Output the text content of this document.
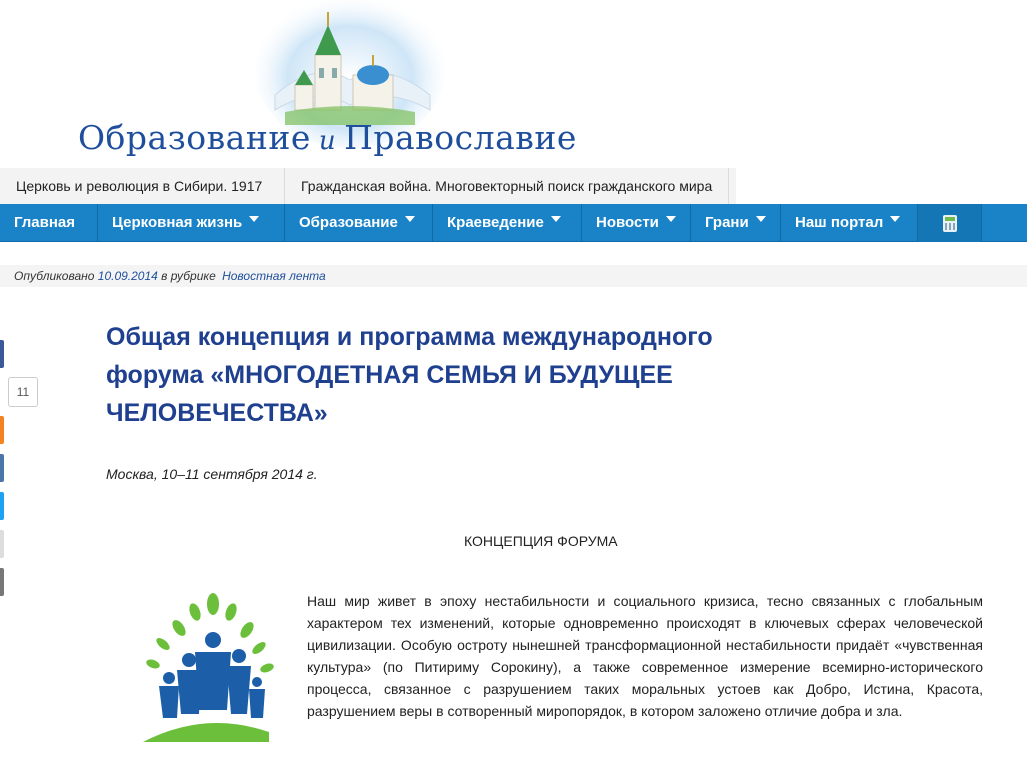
Образование и Православие
Церковь и революция в Сибири. 1917	Гражданская война. Многовекторный поиск гражданского мира
Главная Церковная жизнь	Образование	Краеведение	Новости	Грани	Наш портал
Опубликовано 10.09.2014 в рубрике Новостная лента
11
Общая концепция и программа международного форума «МНОГОДЕТНАЯ СЕМЬЯ И БУДУЩЕЕ ЧЕЛОВЕЧЕСТВА»
Москва, 10–11 сентября 2014 г.
КОНЦЕПЦИЯ ФОРУМА

Наш мир живет в эпоху нестабильности и социального кризиса, тесно связанных с глобальным характером тех изменений, которые одновременно происходят в ключевых сферах человеческой цивилизации. Особую остроту нынешней трансформационной нестабильности придаёт «чувственная культура» (по Питириму Сорокину), а также современное измерение всемирно-исторического процесса, связанное с разрушением таких моральных устоев как Добро, Истина, Красота, разрушением веры в сотворенный миропорядок, в котором заложено отличие добра и зла.
